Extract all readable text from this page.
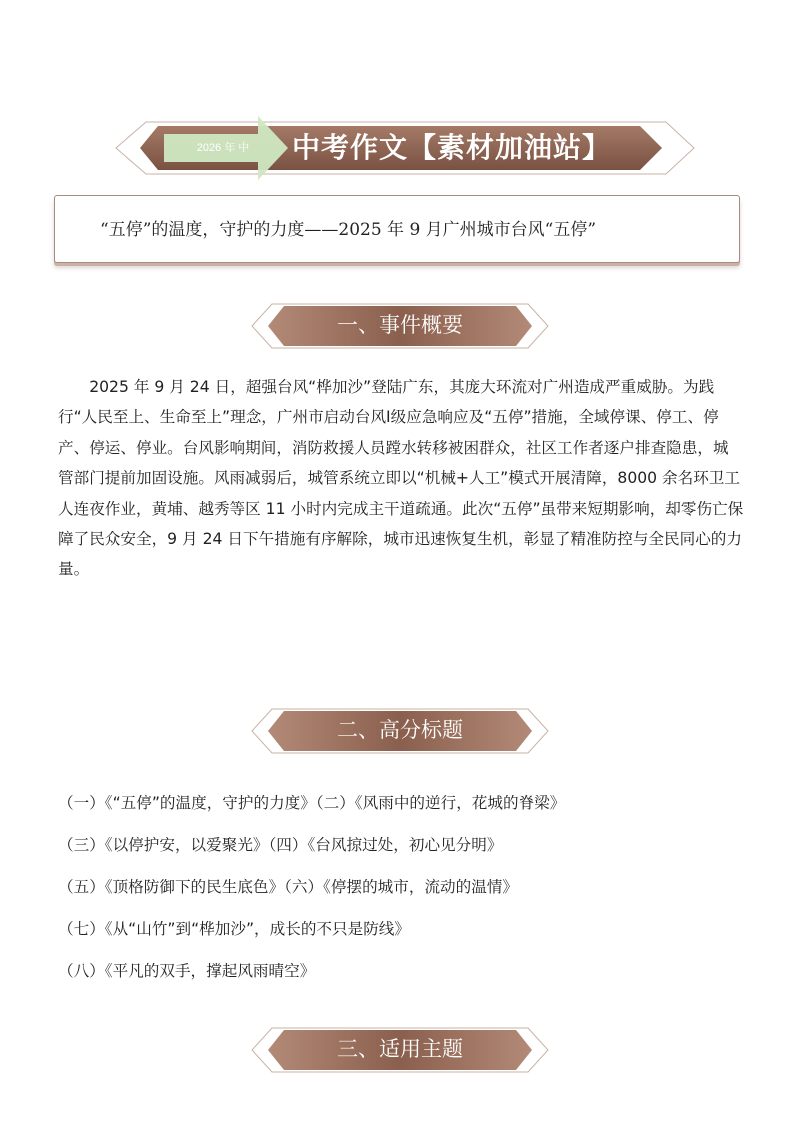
2026 年 中	中考作文【素材加油站】
“五停”的温度，守护的力度——2025 年 9 月广州城市台风“五停”
一、事件概要

2025 年 9 月 24 日，超强台风“桦加沙”登陆广东，其庞大环流对广州造成严重威胁。为践行“人民至上、生命至上”理念，广州市启动台风Ⅰ级应急响应及“五停”措施，全域停课、停工、停产、停运、停业。台风影响期间，消防救援人员蹚水转移被困群众，社区工作者逐户排查隐患，城管部门提前加固设施。风雨减弱后，城管系统立即以“机械+人工”模式开展清障，8000 余名环卫工人连夜作业，黄埔、越秀等区 11 小时内完成主干道疏通。此次“五停”虽带来短期影响，却零伤亡保障了民众安全，9 月 24 日下午措施有序解除，城市迅速恢复生机，彰显了精准防控与全民同心的力量。

二、高分标题
（一）《“五停”的温度，守护的力度》（二）《风雨中的逆行，花城的脊梁》
（三）《以停护安，以爱聚光》（四）《台风掠过处，初心见分明》
（五）《顶格防御下的民生底色》（六）《停摆的城市，流动的温情》
（七）《从“山竹”到“桦加沙”，成长的不只是防线》
（八）《平凡的双手，撑起风雨晴空》
三、适用主题
